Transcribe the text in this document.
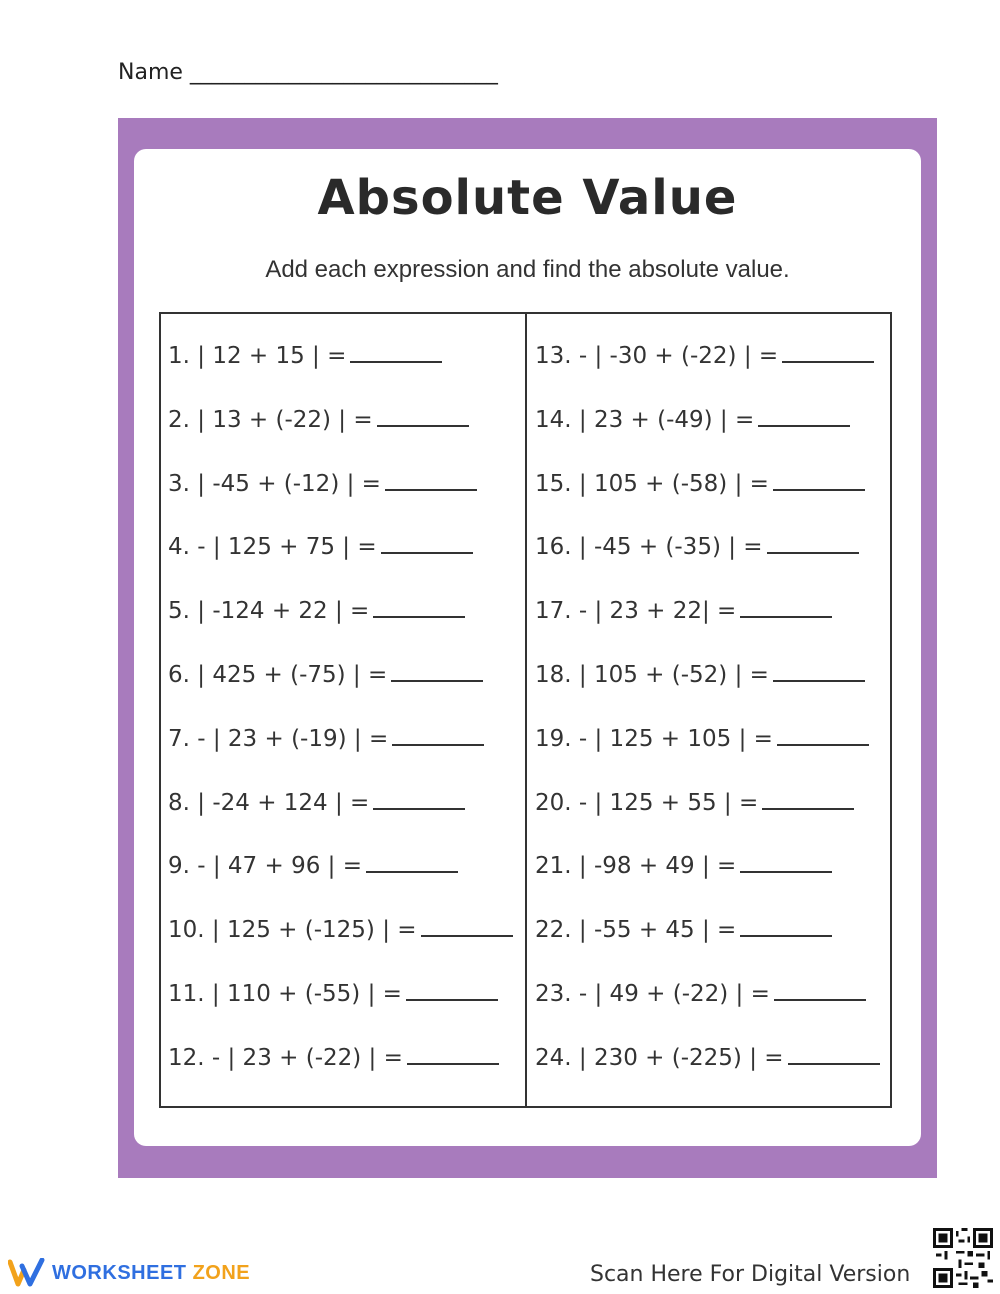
Name ____________________________
Absolute Value
Add each expression and find the absolute value.
1. | 12 + 15 | =
2. | 13 + (-22) | =
3. | -45 + (-12) | =
4. - | 125 + 75 | =
5. | -124 + 22 | =
6. | 425 + (-75) | =
7. - | 23 + (-19) | =
8. | -24 + 124 | =
9. - | 47 + 96 | =
10. | 125 + (-125) | =
11. | 110 + (-55) | =
12. - | 23 + (-22) | =
13. - | -30 + (-22) | =
14. | 23 + (-49) | =
15. | 105 + (-58) | =
16. | -45 + (-35) | =
17. - | 23 + 22| =
18. | 105 + (-52) | =
19. - | 125 + 105 | =
20. - | 125 + 55 | =
21. | -98 + 49 | =
22. | -55 + 45 | =
23. - | 49 + (-22) | =
24. | 230 + (-225) | =
WORKSHEET ZONE	Scan Here For Digital Version
